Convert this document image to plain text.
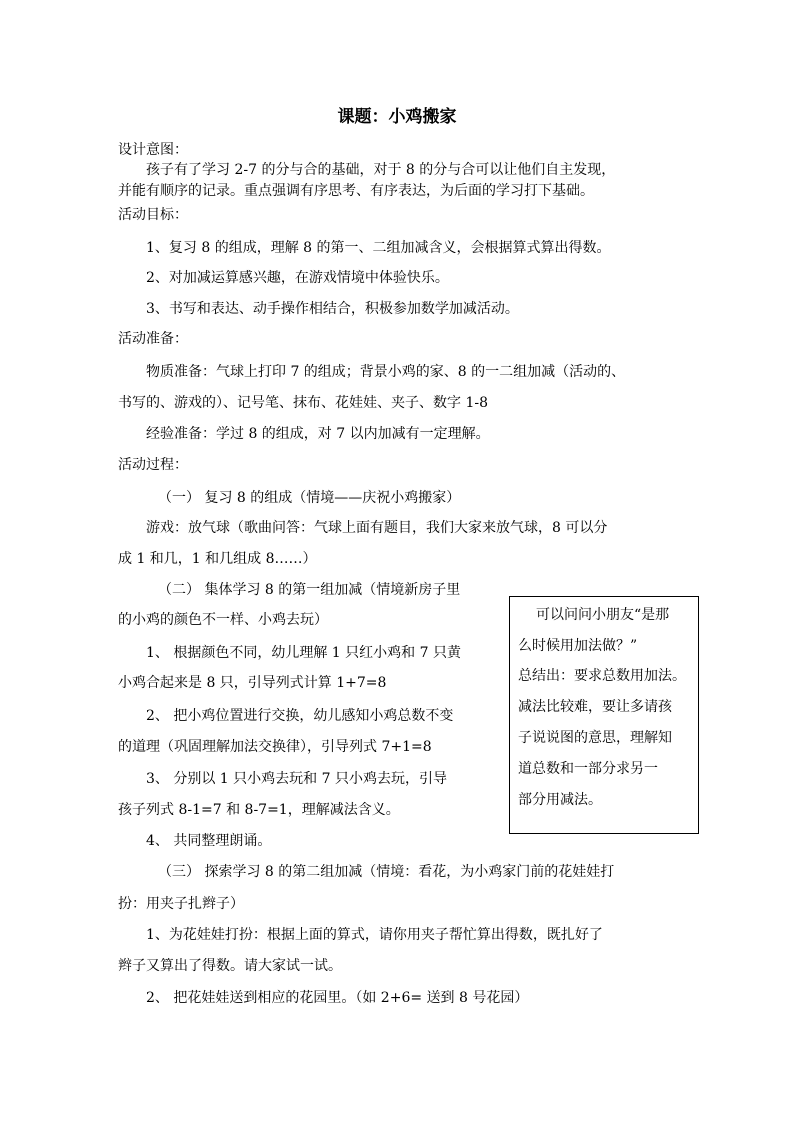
课题：小鸡搬家
设计意图：
孩子有了学习 2-7 的分与合的基础，对于 8 的分与合可以让他们自主发现，
并能有顺序的记录。重点强调有序思考、有序表达，为后面的学习打下基础。
活动目标：
1、复习 8 的组成，理解 8 的第一、二组加减含义，会根据算式算出得数。
2、对加减运算感兴趣，在游戏情境中体验快乐。
3、书写和表达、动手操作相结合，积极参加数学加减活动。
活动准备：
物质准备：气球上打印 7 的组成；背景小鸡的家、8 的一二组加减（活动的、
书写的、游戏的）、记号笔、抹布、花娃娃、夹子、数字 1-8
经验准备：学过 8 的组成，对 7 以内加减有一定理解。
活动过程：
（一） 复习 8 的组成（情境——庆祝小鸡搬家）
游戏：放气球（歌曲问答：气球上面有题目，我们大家来放气球，8 可以分
成 1 和几，1 和几组成 8……）
（二） 集体学习 8 的第一组加减（情境新房子里
的小鸡的颜色不一样、小鸡去玩）
1、 根据颜色不同，幼儿理解 1 只红小鸡和 7 只黄
小鸡合起来是 8 只，引导列式计算 1+7=8
2、 把小鸡位置进行交换，幼儿感知小鸡总数不变
的道理（巩固理解加法交换律），引导列式 7+1=8
3、 分别以 1 只小鸡去玩和 7 只小鸡去玩，引导
孩子列式 8-1=7 和 8-7=1，理解减法含义。
4、 共同整理朗诵。
（三） 探索学习 8 的第二组加减（情境：看花，为小鸡家门前的花娃娃打
扮：用夹子扎辫子）
1、为花娃娃打扮：根据上面的算式，请你用夹子帮忙算出得数，既扎好了
辫子又算出了得数。请大家试一试。
2、 把花娃娃送到相应的花园里。（如 2+6= 送到 8 号花园）
可以问问小朋友“是那
么时候用加法做？”
总结出：要求总数用加法。
减法比较难，要让多请孩
子说说图的意思，理解知
道总数和一部分求另一
部分用减法。
